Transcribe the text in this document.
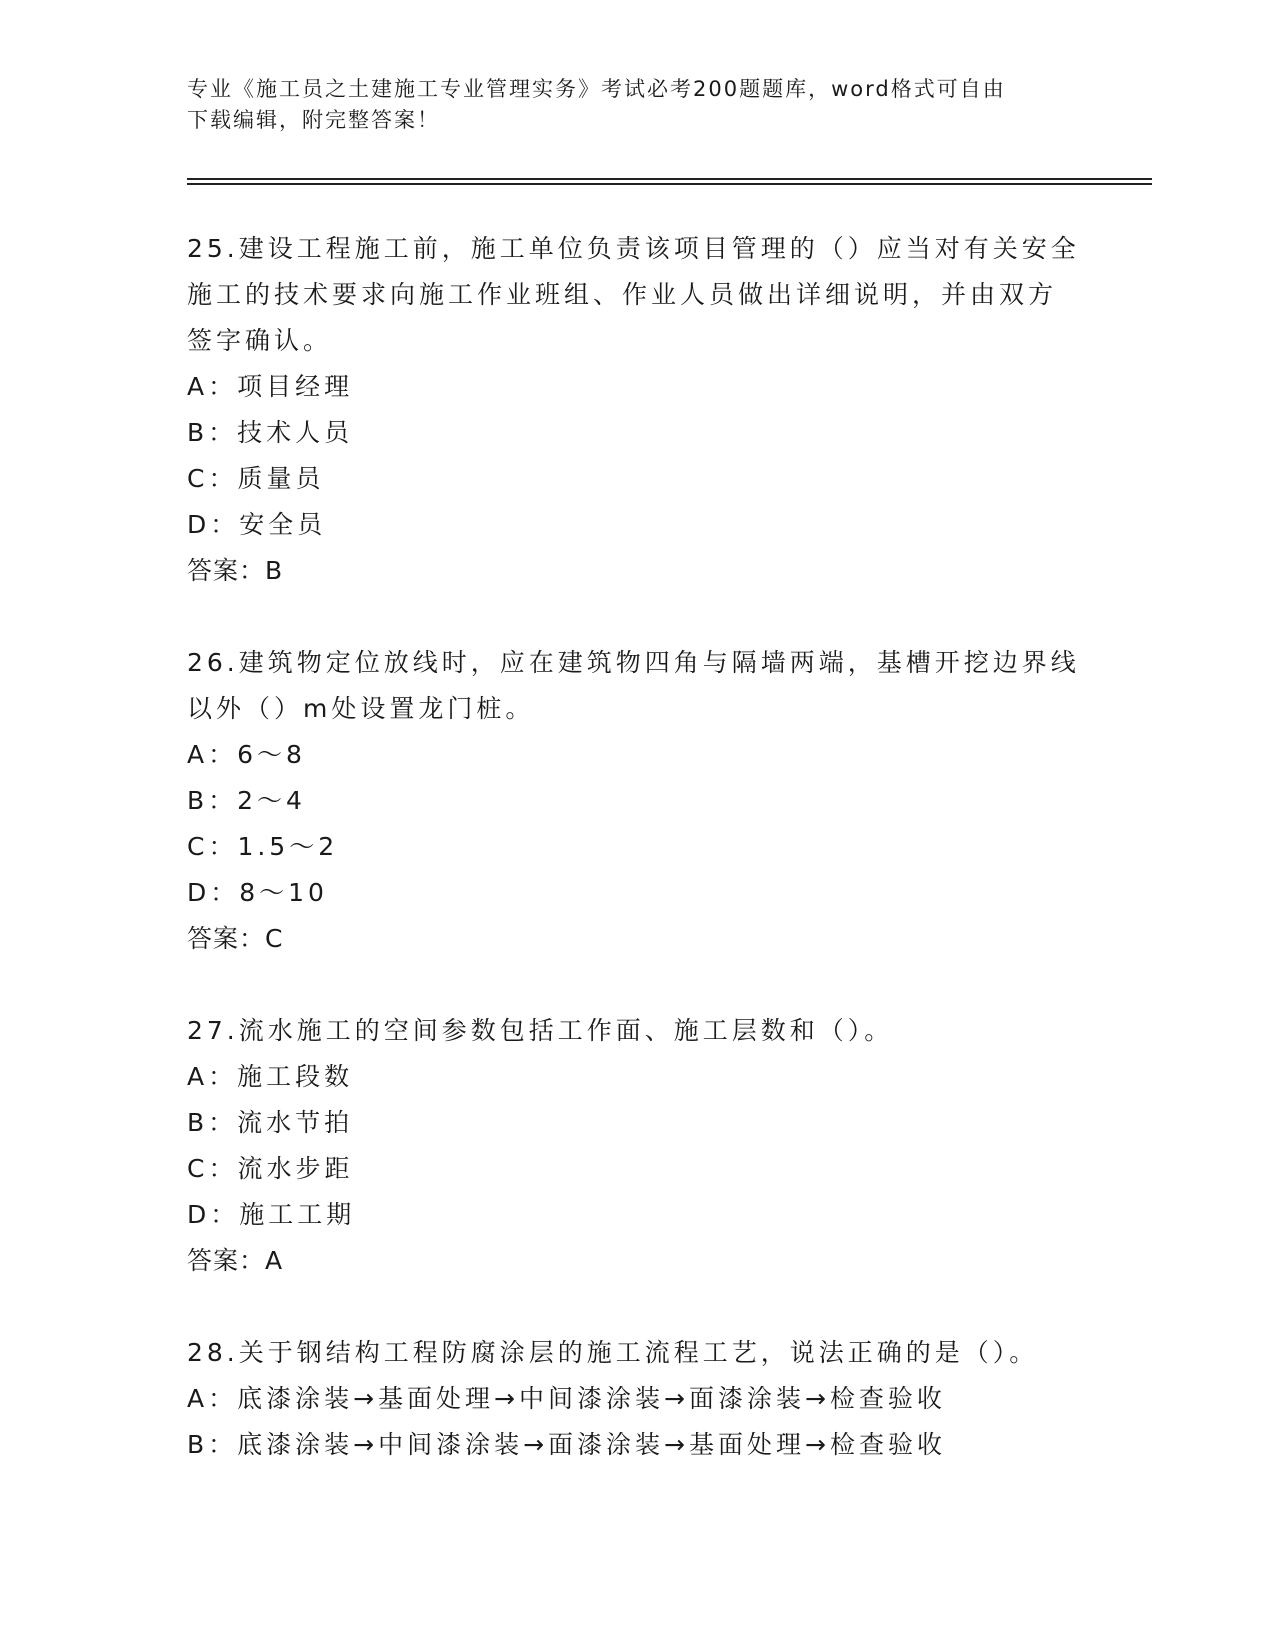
专业《施工员之土建施工专业管理实务》考试必考200题题库，word格式可自由
下载编辑，附完整答案！
25.建设工程施工前，施工单位负责该项目管理的（）应当对有关安全
施工的技术要求向施工作业班组、作业人员做出详细说明，并由双方
签字确认。
A：项目经理
B：技术人员
C：质量员
D：安全员
答案：B
26.建筑物定位放线时，应在建筑物四角与隔墙两端，基槽开挖边界线
以外（）m处设置龙门桩。
A：6～8
B：2～4
C：1.5～2
D：8～10
答案：C
27.流水施工的空间参数包括工作面、施工层数和（）。
A：施工段数
B：流水节拍
C：流水步距
D：施工工期
答案：A
28.关于钢结构工程防腐涂层的施工流程工艺，说法正确的是（）。
A：底漆涂装→基面处理→中间漆涂装→面漆涂装→检查验收
B：底漆涂装→中间漆涂装→面漆涂装→基面处理→检查验收
